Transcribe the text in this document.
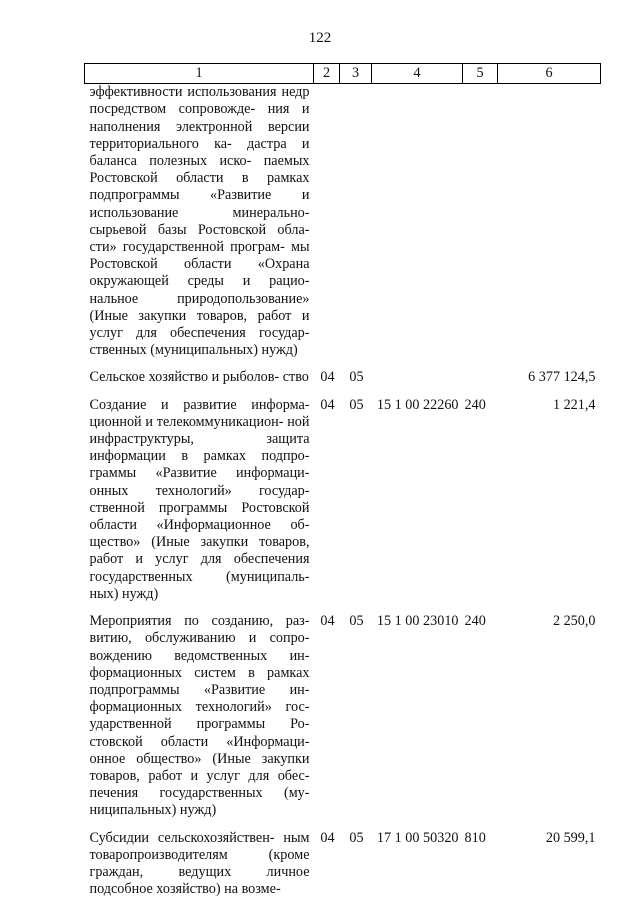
122
1	2	3	4	5	6
эффективности использования недр посредством сопровожде- ния и наполнения электронной версии территориального ка- дастра и баланса полезных иско- паемых Ростовской области в рамках подпрограммы «Развитие и использование минерально- сырьевой базы Ростовской обла- сти» государственной програм- мы Ростовской области «Охрана окружающей среды и рацио- нальное природопользование» (Иные закупки товаров, работ и услуг для обеспечения государ- ственных (муниципальных) нужд)					

Сельское хозяйство и рыболов- ство	04	05			6 377 124,5

Создание и развитие информа- ционной и телекоммуникацион- ной инфраструктуры, защита информации в рамках подпро- граммы «Развитие информаци- онных технологий» государ- ственной программы Ростовской области «Информационное об- щество» (Иные закупки товаров, работ и услуг для обеспечения государственных (муниципаль- ных) нужд)	04	05	15 1 00 22260	240	1 221,4

Мероприятия по созданию, раз- витию, обслуживанию и сопро- вождению ведомственных ин- формационных систем в рамках подпрограммы «Развитие ин- формационных технологий» гос- ударственной программы Ро- стовской области «Информаци- онное общество» (Иные закупки товаров, работ и услуг для обес- печения государственных (му- ниципальных) нужд)	04	05	15 1 00 23010	240	2 250,0

Субсидии сельскохозяйствен- ным товаропроизводителям (кроме граждан, ведущих личное подсобное хозяйство) на возме-	04	05	17 1 00 50320	810	20 599,1
